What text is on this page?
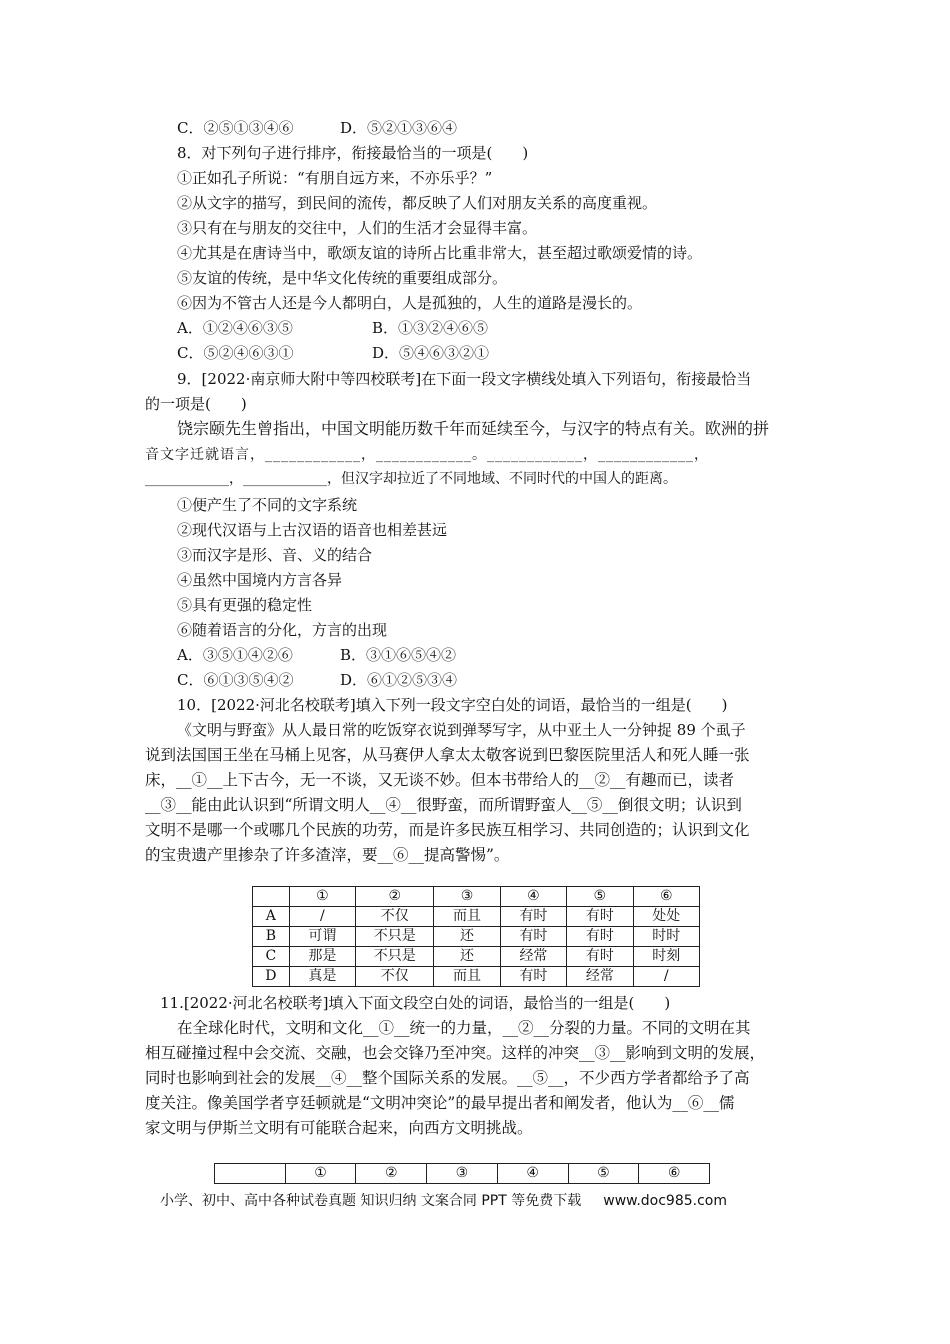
C．②⑤①③④⑥	D．⑤②①③⑥④
8．对下列句子进行排序，衔接最恰当的一项是(　　)
①正如孔子所说：“有朋自远方来，不亦乐乎？”
②从文字的描写，到民间的流传，都反映了人们对朋友关系的高度重视。
③只有在与朋友的交往中，人们的生活才会显得丰富。
④尤其是在唐诗当中，歌颂友谊的诗所占比重非常大，甚至超过歌颂爱情的诗。
⑤友谊的传统，是中华文化传统的重要组成部分。
⑥因为不管古人还是今人都明白，人是孤独的，人生的道路是漫长的。
A．①②④⑥③⑤	B．①③②④⑥⑤
C．⑤②④⑥③①	D．⑤④⑥③②①
9．[2022·南京师大附中等四校联考]在下面一段文字横线处填入下列语句，衔接最恰当
的一项是(　　)
饶宗颐先生曾指出，中国文明能历数千年而延续至今，与汉字的特点有关。欧洲的拼
音文字迁就语言，____________，____________。____________，____________，
____________，____________，但汉字却拉近了不同地域、不同时代的中国人的距离。
①便产生了不同的文字系统
②现代汉语与上古汉语的语音也相差甚远
③而汉字是形、音、义的结合
④虽然中国境内方言各异
⑤具有更强的稳定性
⑥随着语言的分化，方言的出现
A．③⑤①④②⑥	B．③①⑥⑤④②
C．⑥①③⑤④②	D．⑥①②⑤③④
10．[2022·河北名校联考]填入下列一段文字空白处的词语，最恰当的一组是(　　)
《文明与野蛮》从人最日常的吃饭穿衣说到弹琴写字，从中亚土人一分钟捉 89 个虱子
说到法国国王坐在马桶上见客，从马赛伊人拿太太敬客说到巴黎医院里活人和死人睡一张
床，__①__上下古今，无一不谈，又无谈不妙。但本书带给人的__②__有趣而已，读者
__③__能由此认识到“所谓文明人__④__很野蛮，而所谓野蛮人__⑤__倒很文明；认识到
文明不是哪一个或哪几个民族的功劳，而是许多民族互相学习、共同创造的；认识到文化
的宝贵遗产里掺杂了许多渣滓，要__⑥__提高警惕”。
	①	②	③	④	⑤	⑥
A	/	不仅	而且	有时	有时	处处
B	可谓	不只是	还	有时	有时	时时
C	那是	不只是	还	经常	有时	时刻
D	真是	不仅	而且	有时	经常	/
11.[2022·河北名校联考]填入下面文段空白处的词语，最恰当的一组是(　　)
在全球化时代，文明和文化__①__统一的力量，__②__分裂的力量。不同的文明在其
相互碰撞过程中会交流、交融，也会交锋乃至冲突。这样的冲突__③__影响到文明的发展，
同时也影响到社会的发展__④__整个国际关系的发展。__⑤__，不少西方学者都给予了高
度关注。像美国学者亨廷顿就是“文明冲突论”的最早提出者和阐发者，他认为__⑥__儒
家文明与伊斯兰文明有可能联合起来，向西方文明挑战。
	①	②	③	④	⑤	⑥
小学、初中、高中各种试卷真题 知识归纳 文案合同 PPT 等免费下载 www.doc985.com
